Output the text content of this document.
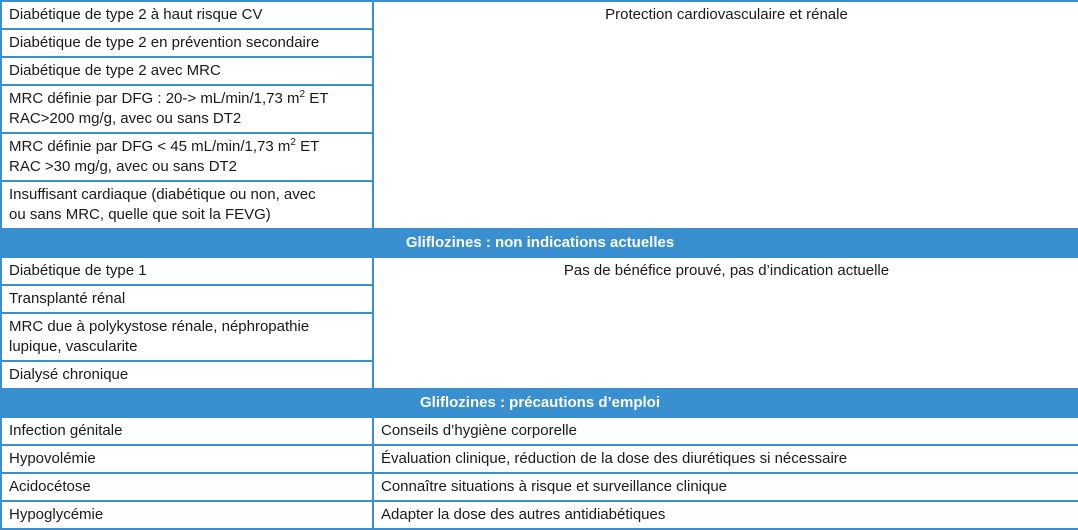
Diabétique de type 2 à haut risque CV	Protection cardiovasculaire et rénale
Diabétique de type 2 en prévention secondaire	
Diabétique de type 2 avec MRC	
MRC définie par DFG : 20-> mL/min/1,73 $m^2$ ET
RAC>200 mg/g, avec ou sans DT2	
MRC définie par DFG < 45 mL/min/1,73 $m^2$ ET
RAC >30 mg/g, avec ou sans DT2	
Insuffisant cardiaque (diabétique ou non, avec
ou sans MRC, quelle que soit la FEVG)	
Gliflozines : non indications actuelles	
Diabétique de type 1	Pas de bénéfice prouvé, pas d’indication actuelle
Transplanté rénal	
MRC due à polykystose rénale, néphropathie
lupique, vascularite	
Dialysé chronique	
Gliflozines : précautions d’emploi	
Infection génitale	Conseils d’hygiène corporelle
Hypovolémie	Évaluation clinique, réduction de la dose des diurétiques si nécessaire
Acidocétose	Connaître situations à risque et surveillance clinique
Hypoglycémie	Adapter la dose des autres antidiabétiques
